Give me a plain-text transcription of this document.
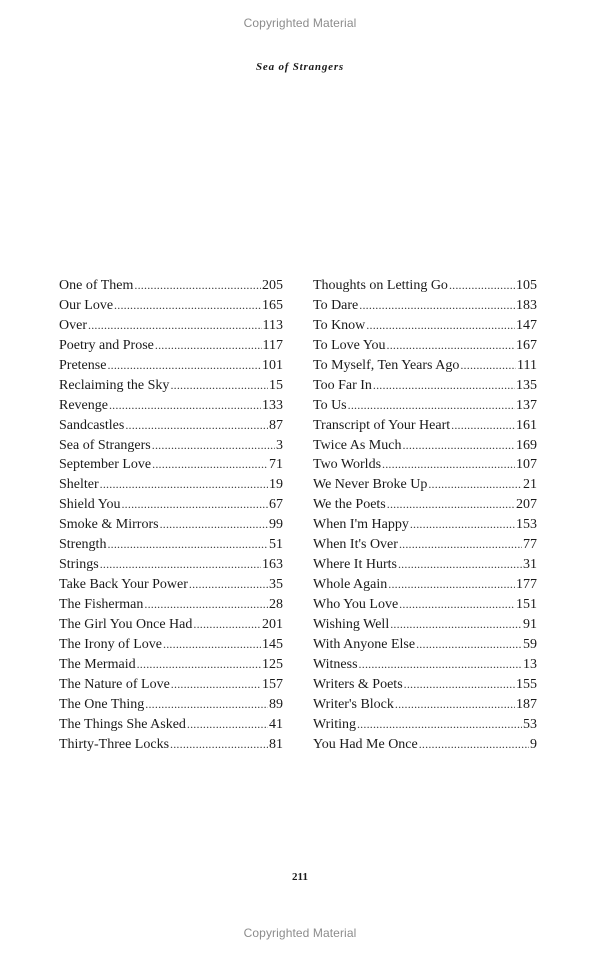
Copyrighted Material
Sea of Strangers
One of Them .....	205
Our Love .....	165
Over .....	113
Poetry and Prose .....	117
Pretense .....	101
Reclaiming the Sky .....	15
Revenge .....	133
Sandcastles .....	87
Sea of Strangers .....	3
September Love .....	71
Shelter .....	19
Shield You .....	67
Smoke & Mirrors .....	99
Strength .....	51
Strings .....	163
Take Back Your Power .....	35
The Fisherman .....	28
The Girl You Once Had .....	201
The Irony of Love .....	145
The Mermaid .....	125
The Nature of Love .....	157
The One Thing .....	89
The Things She Asked .....	41
Thirty-Three Locks .....	81
Thoughts on Letting Go .....	105
To Dare .....	183
To Know .....	147
To Love You .....	167
To Myself, Ten Years Ago .....	111
Too Far In .....	135
To Us .....	137
Transcript of Your Heart .....	161
Twice As Much .....	169
Two Worlds .....	107
We Never Broke Up .....	21
We the Poets .....	207
When I'm Happy .....	153
When It's Over .....	77
Where It Hurts .....	31
Whole Again .....	177
Who You Love .....	151
Wishing Well .....	91
With Anyone Else .....	59
Witness .....	13
Writers & Poets .....	155
Writer's Block .....	187
Writing .....	53
You Had Me Once .....	9
211
Copyrighted Material
